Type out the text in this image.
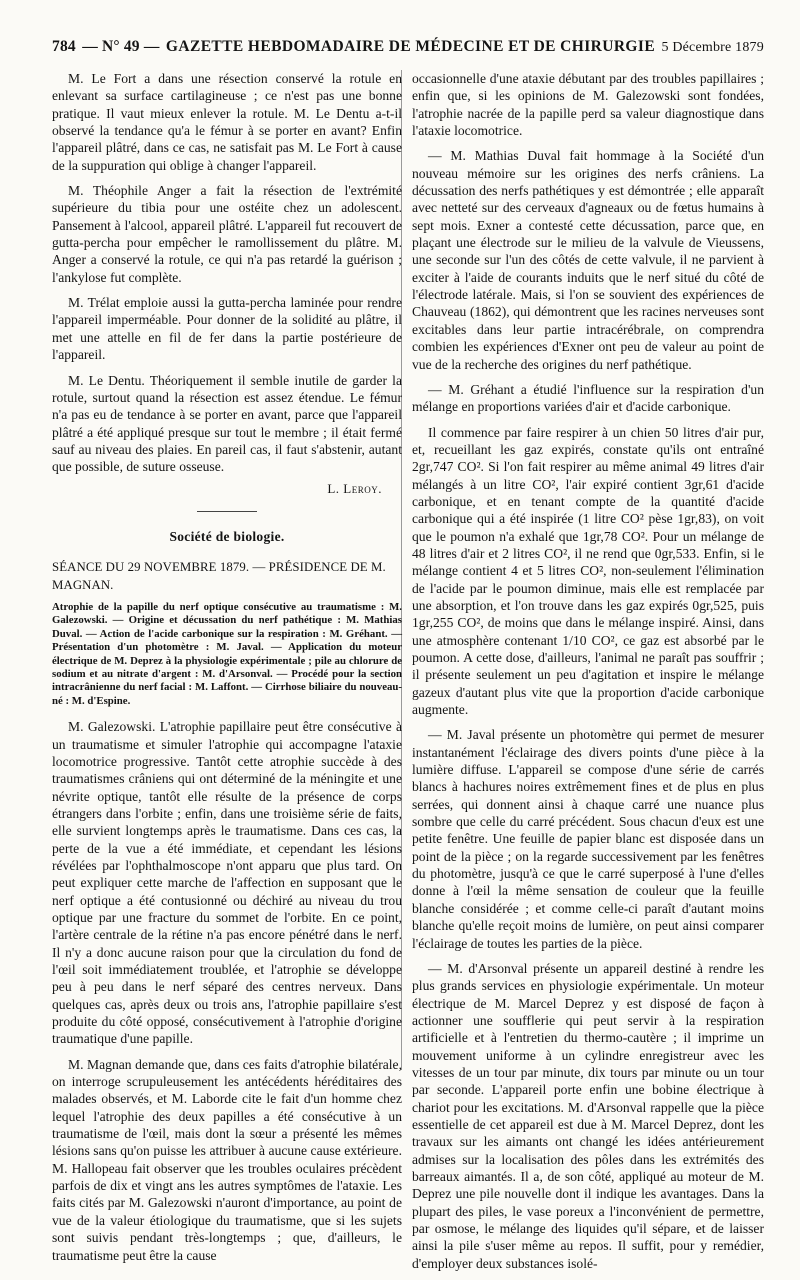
784 — N° 49 — GAZETTE HEBDOMADAIRE DE MÉDECINE ET DE CHIRURGIE 5 Décembre 1879

M. Le Fort a dans une résection conservé la rotule en enlevant sa surface cartilagineuse ; ce n'est pas une bonne pratique. Il vaut mieux enlever la rotule. M. Le Dentu a-t-il observé la tendance qu'a le fémur à se porter en avant? Enfin l'appareil plâtré, dans ce cas, ne satisfait pas M. Le Fort à cause de la suppuration qui oblige à changer l'appareil.

M. Théophile Anger a fait la résection de l'extrémité supérieure du tibia pour une ostéite chez un adolescent. Pansement à l'alcool, appareil plâtré. L'appareil fut recouvert de gutta-percha pour empêcher le ramollissement du plâtre. M. Anger a conservé la rotule, ce qui n'a pas retardé la guérison ; l'ankylose fut complète.

M. Trélat emploie aussi la gutta-percha laminée pour rendre l'appareil imperméable. Pour donner de la solidité au plâtre, il met une attelle en fil de fer dans la partie postérieure de l'appareil.

M. Le Dentu. Théoriquement il semble inutile de garder la rotule, surtout quand la résection est assez étendue. Le fémur n'a pas eu de tendance à se porter en avant, parce que l'appareil plâtré a été appliqué presque sur tout le membre ; il était fermé sauf au niveau des plaies. En pareil cas, il faut s'abstenir, autant que possible, de suture osseuse.

L. Leroy.
Société de biologie.
SÉANCE DU 29 NOVEMBRE 1879. — PRÉSIDENCE DE M. MAGNAN.
Atrophie de la papille du nerf optique consécutive au traumatisme : M. Galezowski. — Origine et décussation du nerf pathétique : M. Mathias Duval. — Action de l'acide carbonique sur la respiration : M. Gréhant. — Présentation d'un photomètre : M. Javal. — Application du moteur électrique de M. Deprez à la physiologie expérimentale ; pile au chlorure de sodium et au nitrate d'argent : M. d'Arsonval. — Procédé pour la section intracrânienne du nerf facial : M. Laffont. — Cirrhose biliaire du nouveau-né : M. d'Espine.

M. Galezowski. L'atrophie papillaire peut être consécutive à un traumatisme et simuler l'atrophie qui accompagne l'ataxie locomotrice progressive. Tantôt cette atrophie succède à des traumatismes crâniens qui ont déterminé de la méningite et une névrite optique, tantôt elle résulte de la présence de corps étrangers dans l'orbite ; enfin, dans une troisième série de faits, elle survient longtemps après le traumatisme. Dans ces cas, la perte de la vue a été immédiate, et cependant les lésions révélées par l'ophthalmoscope n'ont apparu que plus tard. On peut expliquer cette marche de l'affection en supposant que le nerf optique a été contusionné ou déchiré au niveau du trou optique par une fracture du sommet de l'orbite. En ce point, l'artère centrale de la rétine n'a pas encore pénétré dans le nerf. Il n'y a donc aucune raison pour que la circulation du fond de l'œil soit immédiatement troublée, et l'atrophie se développe peu à peu dans le nerf séparé des centres nerveux. Dans quelques cas, après deux ou trois ans, l'atrophie papillaire s'est produite du côté opposé, consécutivement à l'atrophie d'origine traumatique d'une papille.

M. Magnan demande que, dans ces faits d'atrophie bilatérale, on interroge scrupuleusement les antécédents héréditaires des malades observés, et M. Laborde cite le fait d'un homme chez lequel l'atrophie des deux papilles a été consécutive à un traumatisme de l'œil, mais dont la sœur a présenté les mêmes lésions sans qu'on puisse les attribuer à aucune cause extérieure. M. Hallopeau fait observer que les troubles oculaires précèdent parfois de dix et vingt ans les autres symptômes de l'ataxie. Les faits cités par M. Galezowski n'auront d'importance, au point de vue de la valeur étiologique du traumatisme, que si les sujets sont suivis pendant très-longtemps ; que, d'ailleurs, le traumatisme peut être la cause

occasionnelle d'une ataxie débutant par des troubles papillaires ; enfin que, si les opinions de M. Galezowski sont fondées, l'atrophie nacrée de la papille perd sa valeur diagnostique dans l'ataxie locomotrice.

— M. Mathias Duval fait hommage à la Société d'un nouveau mémoire sur les origines des nerfs crâniens. La décussation des nerfs pathétiques y est démontrée ; elle apparaît avec netteté sur des cerveaux d'agneaux ou de fœtus humains à sept mois. Exner a contesté cette décussation, parce que, en plaçant une électrode sur le milieu de la valvule de Vieussens, une seconde sur l'un des côtés de cette valvule, il ne parvient à exciter à l'aide de courants induits que le nerf situé du côté de l'électrode latérale. Mais, si l'on se souvient des expériences de Chauveau (1862), qui démontrent que les racines nerveuses sont excitables dans leur partie intracérébrale, on comprendra combien les expériences d'Exner ont peu de valeur au point de vue de la recherche des origines du nerf pathétique.

— M. Gréhant a étudié l'influence sur la respiration d'un mélange en proportions variées d'air et d'acide carbonique.

Il commence par faire respirer à un chien 50 litres d'air pur, et, recueillant les gaz expirés, constate qu'ils ont entraîné 2gr,747 CO². Si l'on fait respirer au même animal 49 litres d'air mélangés à un litre CO², l'air expiré contient 3gr,61 d'acide carbonique, et en tenant compte de la quantité d'acide carbonique qui a été inspirée (1 litre CO² pèse 1gr,83), on voit que le poumon n'a exhalé que 1gr,78 CO². Pour un mélange de 48 litres d'air et 2 litres CO², il ne rend que 0gr,533. Enfin, si le mélange contient 4 et 5 litres CO², non-seulement l'élimination de l'acide par le poumon diminue, mais elle est remplacée par une absorption, et l'on trouve dans les gaz expirés 0gr,525, puis 1gr,255 CO², de moins que dans le mélange inspiré. Ainsi, dans une atmosphère contenant 1/10 CO², ce gaz est absorbé par le poumon. A cette dose, d'ailleurs, l'animal ne paraît pas souffrir ; il présente seulement un peu d'agitation et inspire le mélange gazeux d'autant plus vite que la proportion d'acide carbonique augmente.

— M. Javal présente un photomètre qui permet de mesurer instantanément l'éclairage des divers points d'une pièce à la lumière diffuse. L'appareil se compose d'une série de carrés blancs à hachures noires extrêmement fines et de plus en plus serrées, qui donnent ainsi à chaque carré une nuance plus sombre que celle du carré précédent. Sous chacun d'eux est une petite fenêtre. Une feuille de papier blanc est disposée dans un point de la pièce ; on la regarde successivement par les fenêtres du photomètre, jusqu'à ce que le carré superposé à l'une d'elles donne à l'œil la même sensation de couleur que la feuille blanche considérée ; et comme celle-ci paraît d'autant moins blanche qu'elle reçoit moins de lumière, on peut ainsi comparer l'éclairage de toutes les parties de la pièce.

— M. d'Arsonval présente un appareil destiné à rendre les plus grands services en physiologie expérimentale. Un moteur électrique de M. Marcel Deprez y est disposé de façon à actionner une soufflerie qui peut servir à la respiration artificielle et à l'entretien du thermo-cautère ; il imprime un mouvement uniforme à un cylindre enregistreur avec les vitesses de un tour par minute, dix tours par minute ou un tour par seconde. L'appareil porte enfin une bobine électrique à chariot pour les excitations. M. d'Arsonval rappelle que la pièce essentielle de cet appareil est due à M. Marcel Deprez, dont les travaux sur les aimants ont changé les idées antérieurement admises sur la localisation des pôles dans les extrémités des barreaux aimantés. Il a, de son côté, appliqué au moteur de M. Deprez une pile nouvelle dont il indique les avantages. Dans la plupart des piles, le vase poreux a l'inconvénient de permettre, par osmose, le mélange des liquides qu'il sépare, et de laisser ainsi la pile s'user même au repos. Il suffit, pour y remédier, d'employer deux substances isolé-
